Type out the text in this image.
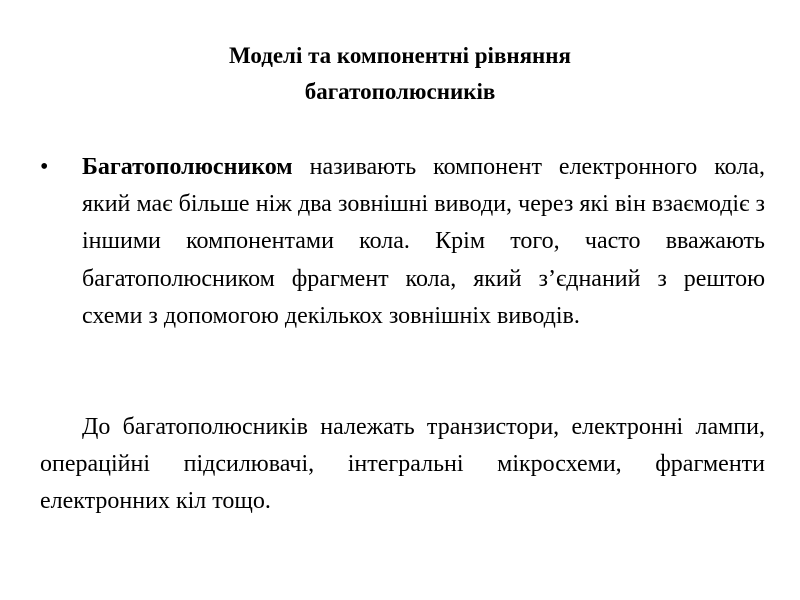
Моделі та компонентні рівняння
багатополюсників
• Багатополюсником називають компонент електронного кола, який має більше ніж два зовнішні виводи, через які він взаємодіє з іншими компонентами кола. Крім того, часто вважають багатополюсником фрагмент кола, який з’єднаний з рештою схеми з допомогою декількох зовнішніх виводів.
До багатополюсників належать транзистори, електронні лампи, операційні підсилювачі, інтегральні мікросхеми, фрагменти електронних кіл тощо.
